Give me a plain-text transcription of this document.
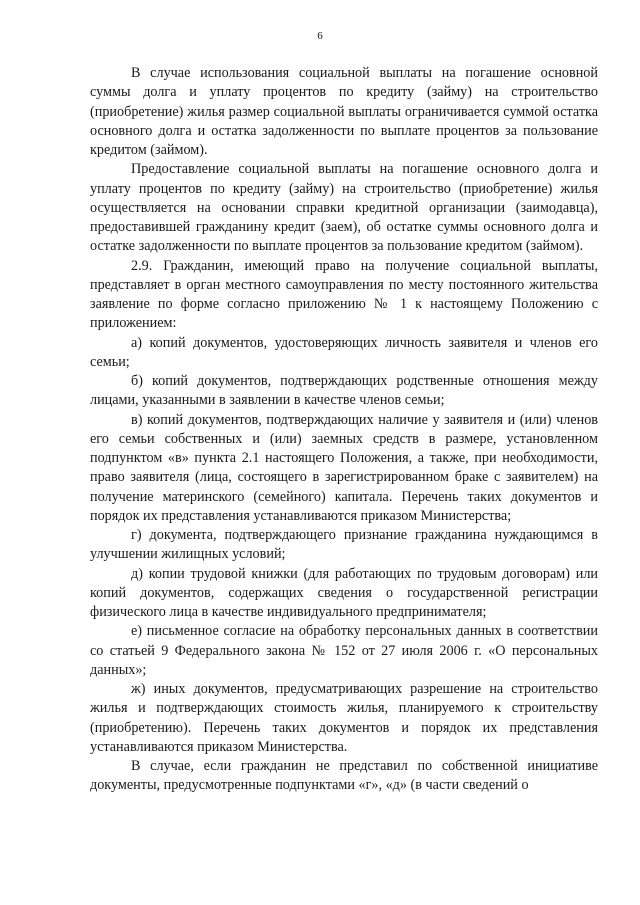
6

В случае использования социальной выплаты на погашение основной суммы долга и уплату процентов по кредиту (займу) на строительство (приобретение) жилья размер социальной выплаты ограничивается суммой остатка основного долга и остатка задолженности по выплате процентов за пользование кредитом (займом).

Предоставление социальной выплаты на погашение основного долга и уплату процентов по кредиту (займу) на строительство (приобретение) жилья осуществляется на основании справки кредитной организации (заимодавца), предоставившей гражданину кредит (заем), об остатке суммы основного долга и остатке задолженности по выплате процентов за пользование кредитом (займом).

2.9. Гражданин, имеющий право на получение социальной выплаты, представляет в орган местного самоуправления по месту постоянного жительства заявление по форме согласно приложению № 1 к настоящему Положению с приложением:

а) копий документов, удостоверяющих личность заявителя и членов его семьи;

б) копий документов, подтверждающих родственные отношения между лицами, указанными в заявлении в качестве членов семьи;

в) копий документов, подтверждающих наличие у заявителя и (или) членов его семьи собственных и (или) заемных средств в размере, установленном подпунктом «в» пункта 2.1 настоящего Положения, а также, при необходимости, право заявителя (лица, состоящего в зарегистрированном браке с заявителем) на получение материнского (семейного) капитала. Перечень таких документов и порядок их представления устанавливаются приказом Министерства;

г) документа, подтверждающего признание гражданина нуждающимся в улучшении жилищных условий;

д) копии трудовой книжки (для работающих по трудовым договорам) или копий документов, содержащих сведения о государственной регистрации физического лица в качестве индивидуального предпринимателя;

е) письменное согласие на обработку персональных данных в соответствии со статьей 9 Федерального закона № 152 от 27 июля 2006 г. «О персональных данных»;

ж) иных документов, предусматривающих разрешение на строительство жилья и подтверждающих стоимость жилья, планируемого к строительству (приобретению). Перечень таких документов и порядок их представления устанавливаются приказом Министерства.

В случае, если гражданин не представил по собственной инициативе документы, предусмотренные подпунктами «г», «д» (в части сведений о
